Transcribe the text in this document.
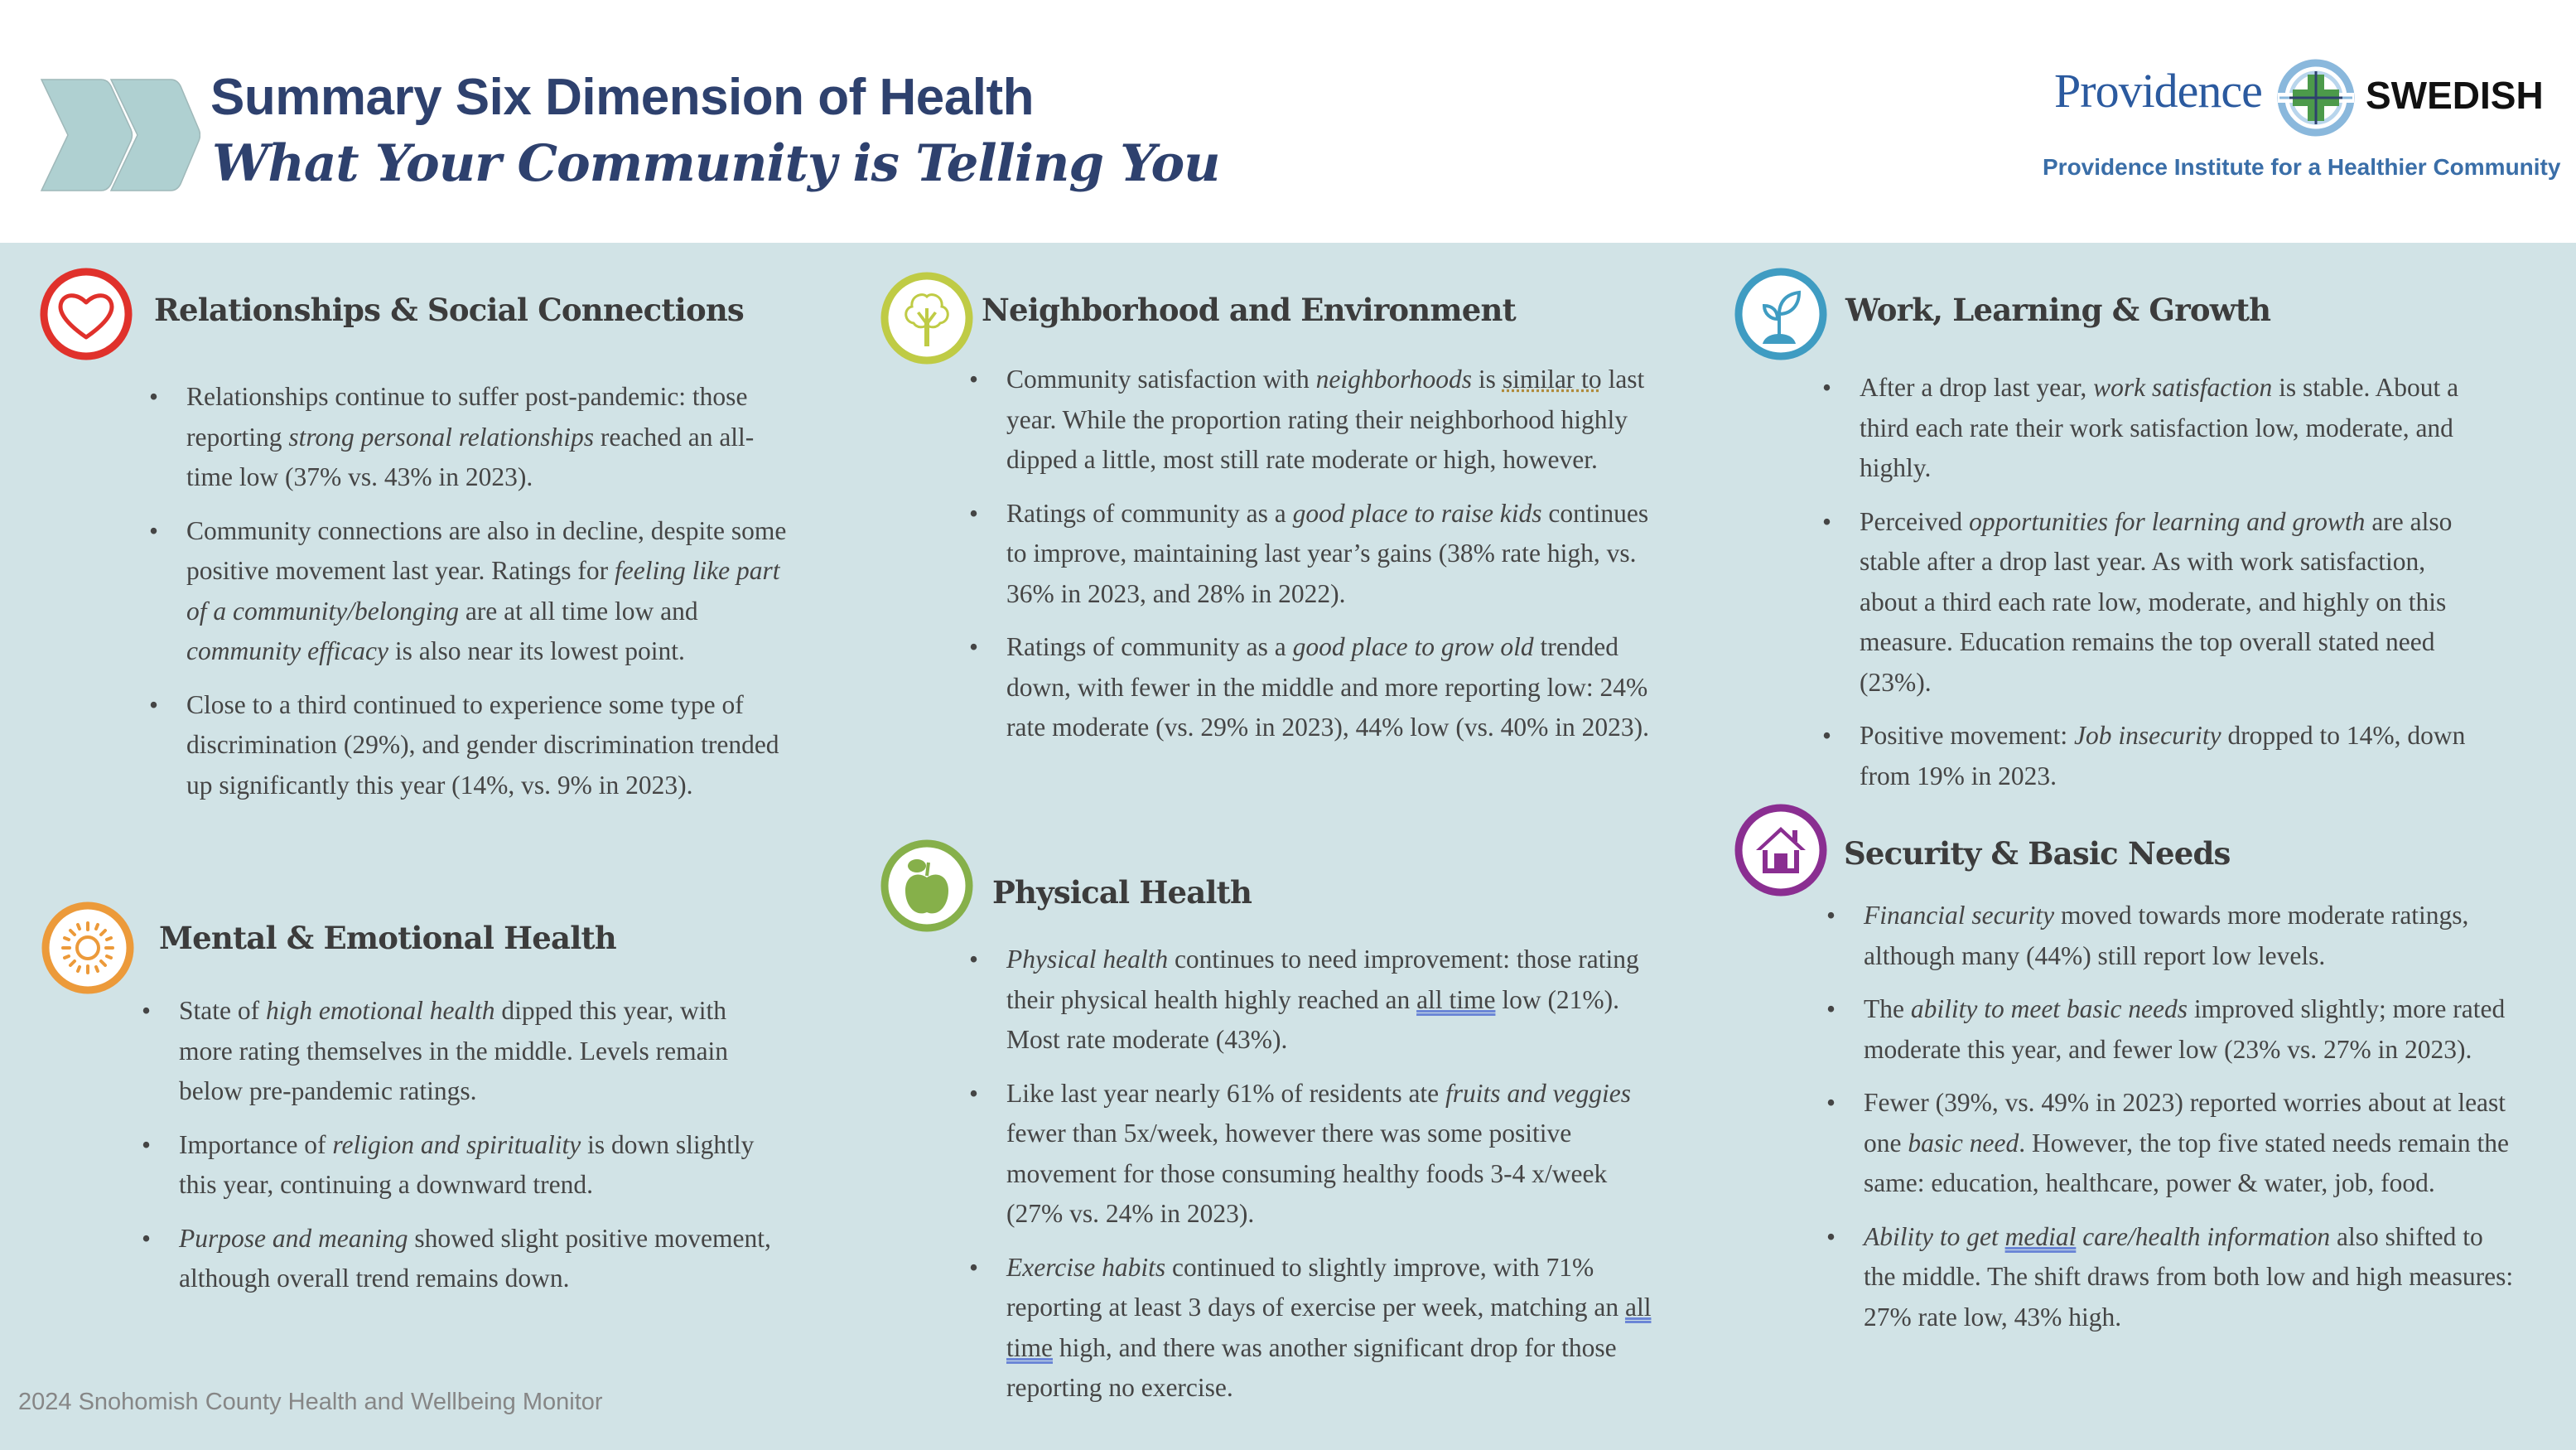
Summary Six Dimension of Health
What Your Community is Telling You
Providence	SWEDISH
Providence Institute for a Healthier Community
Relationships & Social Connections
• Relationships continue to suffer post-pandemic: those reporting strong personal relationships reached an all-time low (37% vs. 43% in 2023).
• Community connections are also in decline, despite some positive movement last year. Ratings for feeling like part of a community/belonging are at all time low and community efficacy is also near its lowest point.
• Close to a third continued to experience some type of discrimination (29%), and gender discrimination trended up significantly this year (14%, vs. 9% in 2023).
Mental & Emotional Health
• State of high emotional health dipped this year, with more rating themselves in the middle. Levels remain below pre-pandemic ratings.
• Importance of religion and spirituality is down slightly this year, continuing a downward trend.
• Purpose and meaning showed slight positive movement, although overall trend remains down.
Neighborhood and Environment
• Community satisfaction with neighborhoods is similar to last year. While the proportion rating their neighborhood highly dipped a little, most still rate moderate or high, however.
• Ratings of community as a good place to raise kids continues to improve, maintaining last year’s gains (38% rate high, vs. 36% in 2023, and 28% in 2022).
• Ratings of community as a good place to grow old trended down, with fewer in the middle and more reporting low: 24% rate moderate (vs. 29% in 2023), 44% low (vs. 40% in 2023).
Physical Health
• Physical health continues to need improvement: those rating their physical health highly reached an all time low (21%). Most rate moderate (43%).
• Like last year nearly 61% of residents ate fruits and veggies fewer than 5x/week, however there was some positive movement for those consuming healthy foods 3-4 x/week (27% vs. 24% in 2023).
• Exercise habits continued to slightly improve, with 71% reporting at least 3 days of exercise per week, matching an all time high, and there was another significant drop for those reporting no exercise.
Work, Learning & Growth
• After a drop last year, work satisfaction is stable. About a third each rate their work satisfaction low, moderate, and highly.
• Perceived opportunities for learning and growth are also stable after a drop last year. As with work satisfaction, about a third each rate low, moderate, and highly on this measure. Education remains the top overall stated need (23%).
• Positive movement: Job insecurity dropped to 14%, down from 19% in 2023.
Security & Basic Needs
• Financial security moved towards more moderate ratings, although many (44%) still report low levels.
• The ability to meet basic needs improved slightly; more rated moderate this year, and fewer low (23% vs. 27% in 2023).
• Fewer (39%, vs. 49% in 2023) reported worries about at least one basic need. However, the top five stated needs remain the same: education, healthcare, power & water, job, food.
• Ability to get medial care/health information also shifted to the middle. The shift draws from both low and high measures: 27% rate low, 43% high.
2024 Snohomish County Health and Wellbeing Monitor
